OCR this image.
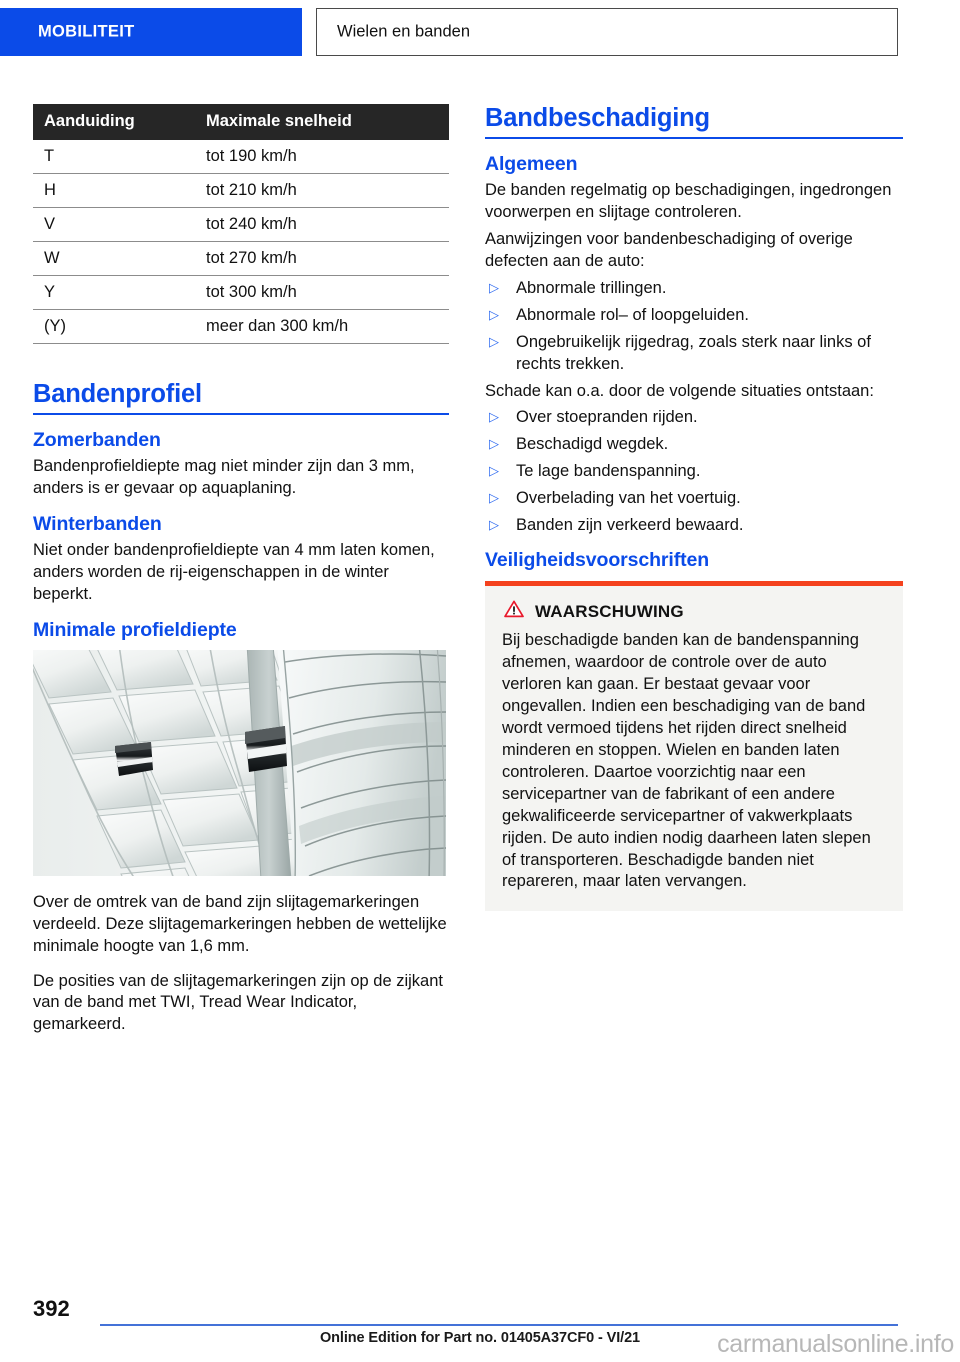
MOBILITEIT	Wielen en banden
Aanduiding	Maximale snelheid
T	tot 190 km/h
H	tot 210 km/h
V	tot 240 km/h
W	tot 270 km/h
Y	tot 300 km/h
(Y)	meer dan 300 km/h
Bandenprofiel
Zomerbanden

Bandenprofieldiepte mag niet minder zijn dan 3 mm, anders is er gevaar op aquaplaning.

Winterbanden

Niet onder bandenprofieldiepte van 4 mm laten komen, anders worden de rij-eigenschappen in de winter beperkt.

Minimale profieldiepte

Over de omtrek van de band zijn slijtagemarkeringen verdeeld. Deze slijtagemarkeringen hebben de wettelijke minimale hoogte van 1,6 mm.

De posities van de slijtagemarkeringen zijn op de zijkant van de band met TWI, Tread Wear Indicator, gemarkeerd.

Bandbeschadiging
Algemeen

De banden regelmatig op beschadigingen, ingedrongen voorwerpen en slijtage controleren.

Aanwijzingen voor bandenbeschadiging of overige defecten aan de auto:

▷ Abnormale trillingen.
▷ Abnormale rol– of loopgeluiden.
▷ Ongebruikelijk rijgedrag, zoals sterk naar links of rechts trekken.

Schade kan o.a. door de volgende situaties ontstaan:

▷ Over stoepranden rijden.
▷ Beschadigd wegdek.
▷ Te lage bandenspanning.
▷ Overbelading van het voertuig.
▷ Banden zijn verkeerd bewaard.
Veiligheidsvoorschriften
WAARSCHUWING

Bij beschadigde banden kan de bandenspanning afnemen, waardoor de controle over de auto verloren kan gaan. Er bestaat gevaar voor ongevallen. Indien een beschadiging van de band wordt vermoed tijdens het rijden direct snelheid minderen en stoppen. Wielen en banden laten controleren. Daartoe voorzichtig naar een servicepartner van de fabrikant of een andere gekwalificeerde servicepartner of vakwerkplaats rijden. De auto indien nodig daarheen laten slepen of transporteren. Beschadigde banden niet repareren, maar laten vervangen.

392
Online Edition for Part no. 01405A37CF0 - VI/21	carmanualsonline.info
